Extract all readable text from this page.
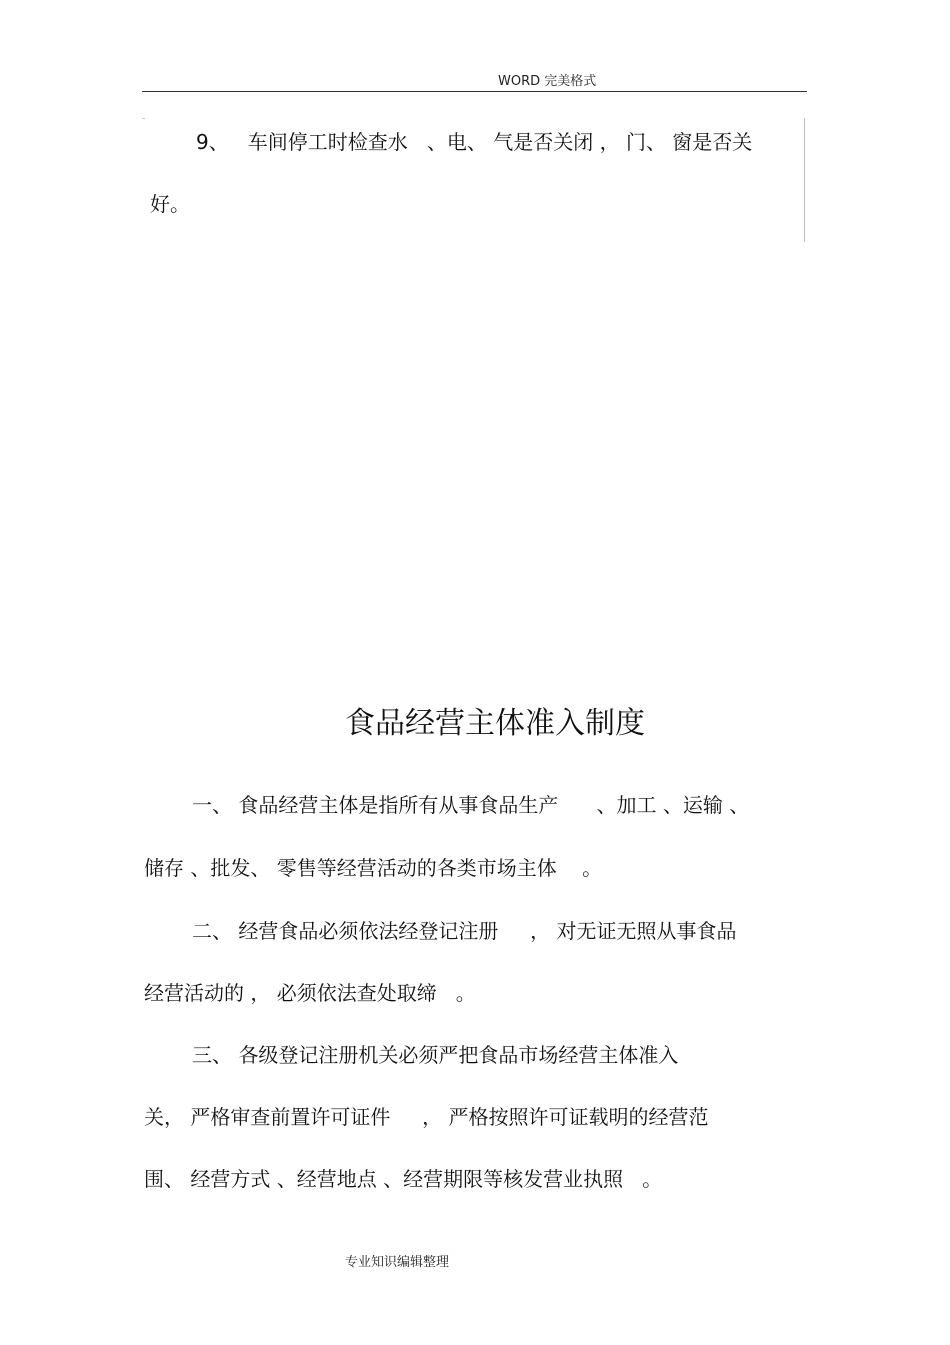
WORD 完美格式
9、   车间停工时检查水   、电、 气是否关闭 ， 门、 窗是否关
好。
食品经营主体准入制度
一、 食品经营主体是指所有从事食品生产      、加工 、运输 、
储存 、批发、 零售等经营活动的各类市场主体    。
二、 经营食品必须依法经登记注册     ， 对无证无照从事食品
经营活动的 ， 必须依法查处取缔   。
三、 各级登记注册机关必须严把食品市场经营主体准入
关， 严格审查前置许可证件     ， 严格按照许可证载明的经营范
围、 经营方式 、经营地点 、经营期限等核发营业执照   。
专业知识编辑整理
